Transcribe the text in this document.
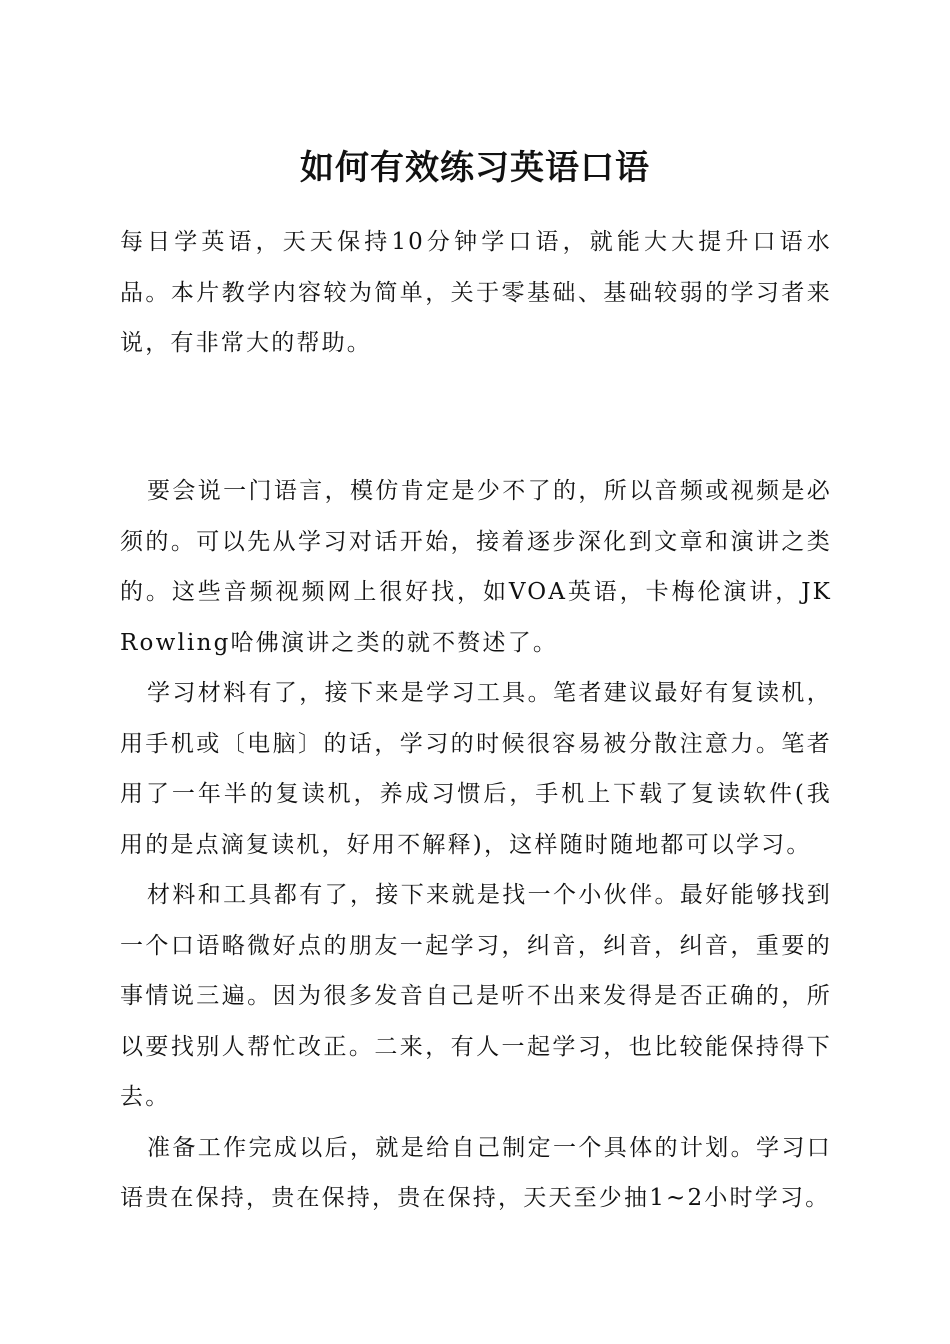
如何有效练习英语口语
每日学英语，天天保持10分钟学口语，就能大大提升口语水品。本片教学内容较为简单，关于零基础、基础较弱的学习者来说，有非常大的帮助。

要会说一门语言，模仿肯定是少不了的，所以音频或视频是必须的。可以先从学习对话开始，接着逐步深化到文章和演讲之类的。这些音频视频网上很好找，如VOA英语，卡梅伦演讲，JKRowling哈佛演讲之类的就不赘述了。

学习材料有了，接下来是学习工具。笔者建议最好有复读机，用手机或〔电脑〕的话，学习的时候很容易被分散注意力。笔者用了一年半的复读机，养成习惯后，手机上下载了复读软件(我用的是点滴复读机，好用不解释)，这样随时随地都可以学习。

材料和工具都有了，接下来就是找一个小伙伴。最好能够找到一个口语略微好点的朋友一起学习，纠音，纠音，纠音，重要的事情说三遍。因为很多发音自己是听不出来发得是否正确的，所以要找别人帮忙改正。二来，有人一起学习，也比较能保持得下去。

准备工作完成以后，就是给自己制定一个具体的计划。学习口语贵在保持，贵在保持，贵在保持，天天至少抽1~2小时学习。
